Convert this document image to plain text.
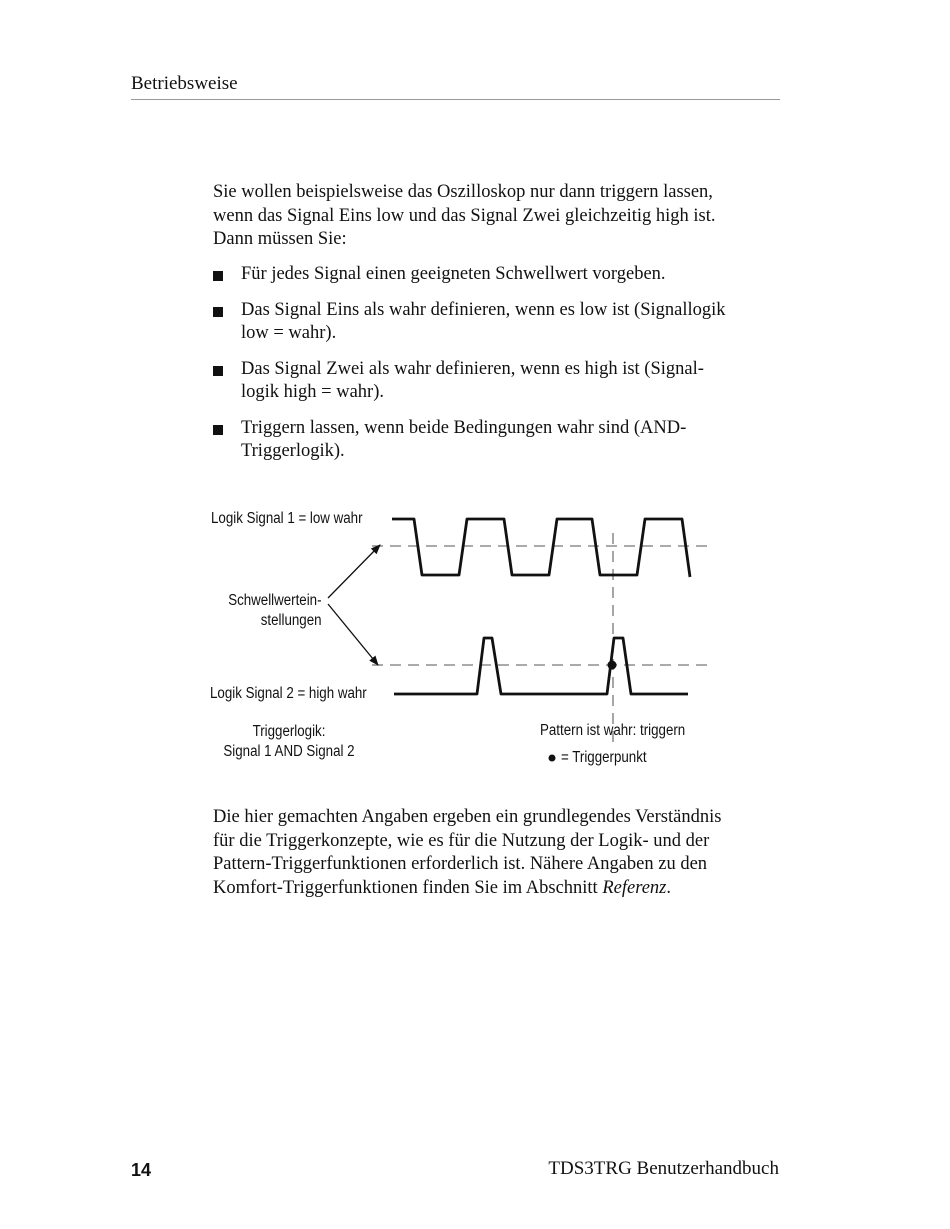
Betriebsweise

Sie wollen beispielsweise das Oszilloskop nur dann triggern lassen,
wenn das Signal Eins low und das Signal Zwei gleichzeitig high ist.
Dann müssen Sie:

Für jedes Signal einen geeigneten Schwellwert vorgeben.
Das Signal Eins als wahr definieren, wenn es low ist (Signallogik
low = wahr).
Das Signal Zwei als wahr definieren, wenn es high ist (Signal-
logik high = wahr).
Triggern lassen, wenn beide Bedingungen wahr sind (AND-
Triggerlogik).
Logik Signal 1 = low wahr
Schwellwertein-
stellungen
Logik Signal 2 = high wahr
Triggerlogik:
Signal 1 AND Signal 2
Pattern ist wahr: triggern
= Triggerpunkt

Die hier gemachten Angaben ergeben ein grundlegendes Verständnis
für die Triggerkonzepte, wie es für die Nutzung der Logik- und der
Pattern-Triggerfunktionen erforderlich ist. Nähere Angaben zu den
Komfort-Triggerfunktionen finden Sie im Abschnitt Referenz.

14	TDS3TRG Benutzerhandbuch
